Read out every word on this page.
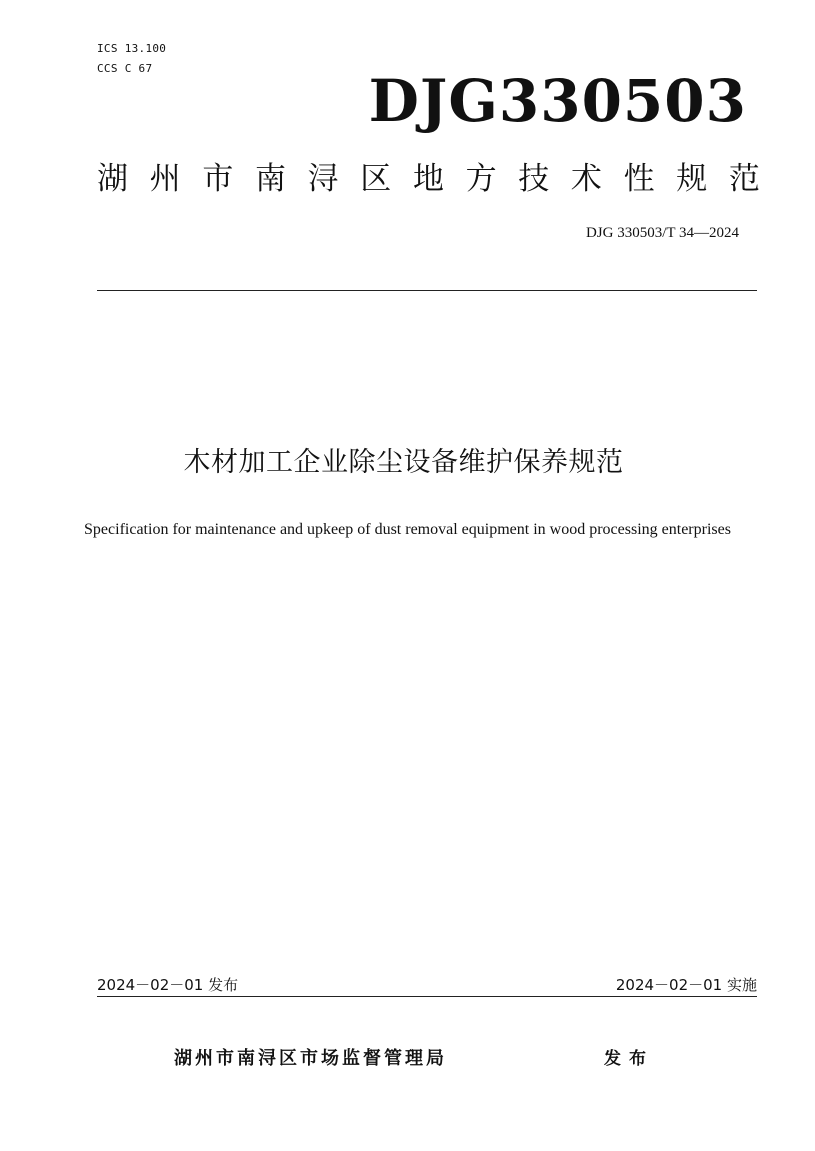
ICS 13.100
CCS C 67	DJG330503
湖 州 市 南 浔 区 地 方 技 术 性 规 范
DJG 330503/T 34—2024
木材加工企业除尘设备维护保养规范
Specification for maintenance and upkeep of dust removal equipment in wood processing enterprises
2024－02－01 发布	2024－02－01 实施
湖州市南浔区市场监督管理局	发布
